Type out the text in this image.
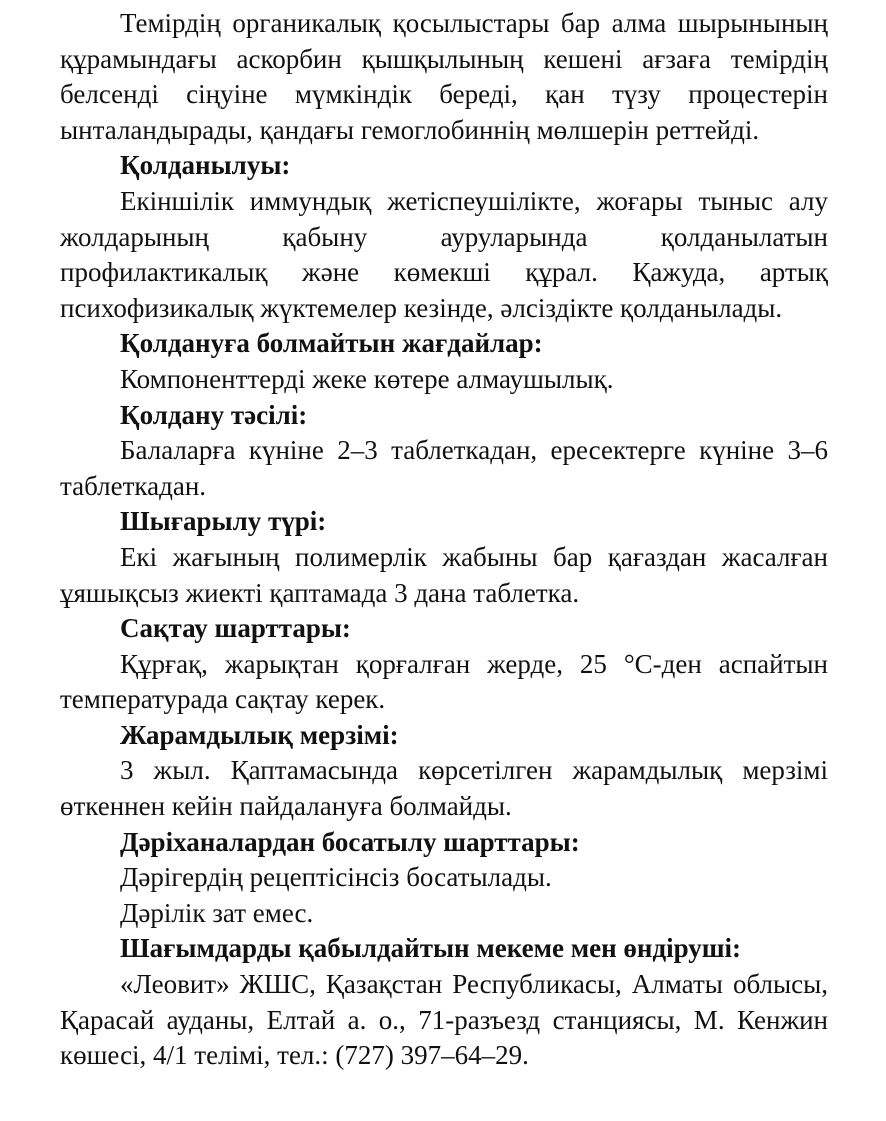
Темірдің органикалық қосылыстары бар алма шырынының құрамындағы аскорбин қышқылының кешені ағзаға темірдің белсенді сіңуіне мүмкіндік береді, қан түзу процестерін ынталандырады, қандағы гемоглобиннің мөлшерін реттейді.

Қолданылуы:

Екіншілік иммундық жетіспеушілікте, жоғары тыныс алу жолдарының қабыну ауруларында қолданылатын профилактикалық және көмекші құрал. Қажуда, артық психофизикалық жүктемелер кезінде, әлсіздікте қолданылады.

Қолдануға болмайтын жағдайлар:

Компоненттерді жеке көтере алмаушылық.

Қолдану тәсілі:

Балаларға күніне 2–3 таблеткадан, ересектерге күніне 3–6 таблеткадан.

Шығарылу түрі:

Екі жағының полимерлік жабыны бар қағаздан жасалған ұяшықсыз жиекті қаптамада 3 дана таблетка.

Сақтау шарттары:

Құрғақ, жарықтан қорғалған жерде, 25 °С-ден аспайтын температурада сақтау керек.

Жарамдылық мерзімі:

3 жыл. Қаптамасында көрсетілген жарамдылық мерзімі өткеннен кейін пайдалануға болмайды.

Дәріханалардан босатылу шарттары:

Дәрігердің рецептісінсіз босатылады.

Дәрілік зат емес.

Шағымдарды қабылдайтын мекеме мен өндіруші:

«Леовит» ЖШС, Қазақстан Республикасы, Алматы облысы, Қарасай ауданы, Елтай а. о., 71-разъезд станциясы, М. Кенжин көшесі, 4/1 телімі, тел.: (727) 397–64–29.
